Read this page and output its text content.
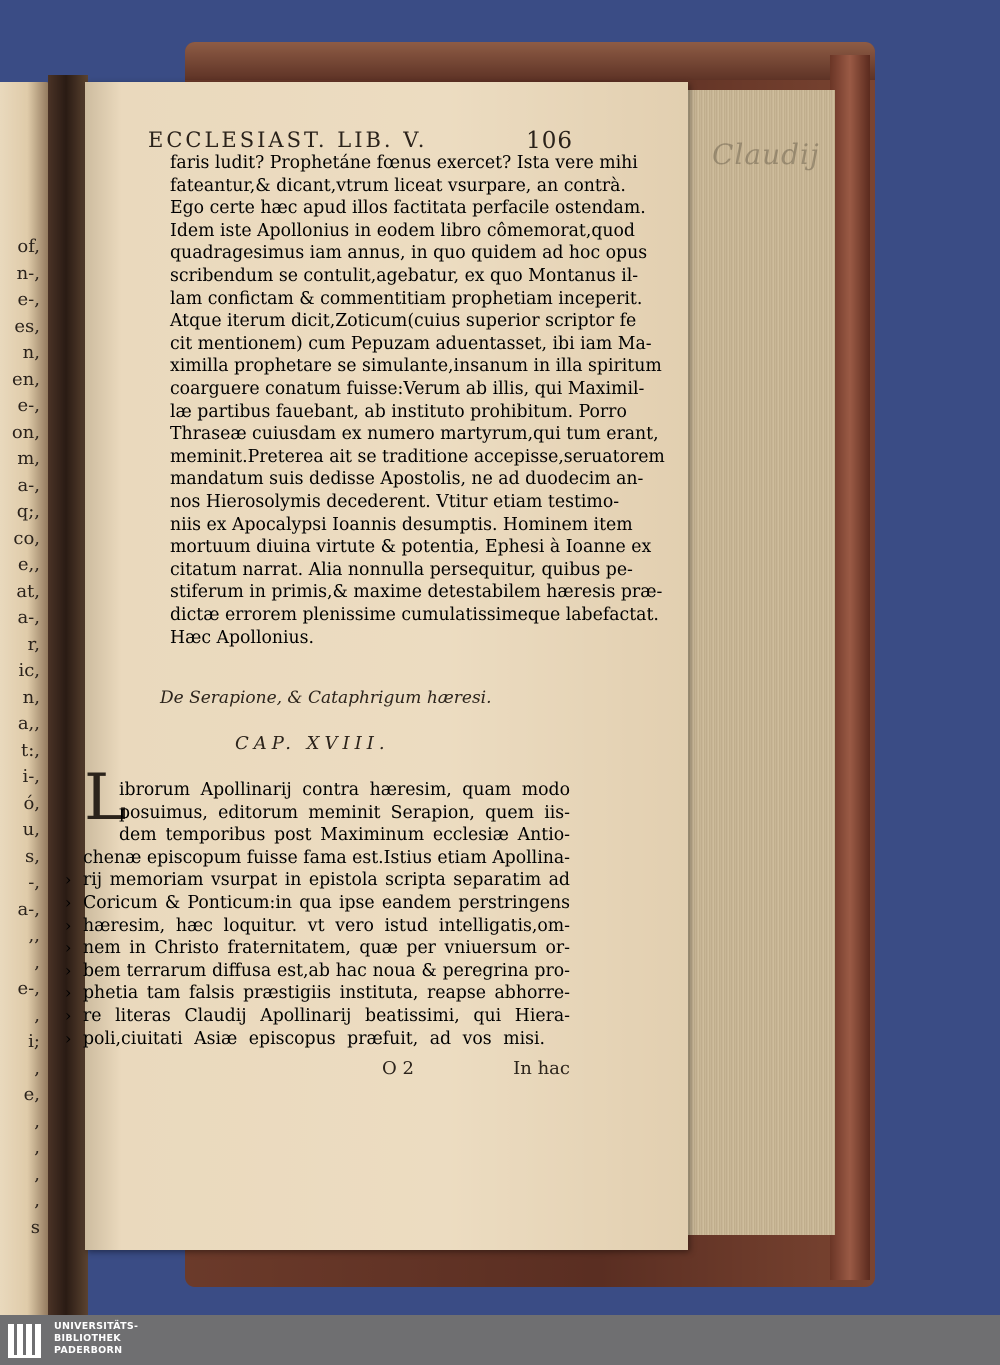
Claudij
of,
n-,
e-,
es,
n,
en,
e-,
on,
m,
a-,
q;,
co,
e,,
at,
a-,
r,
ic,
n,
a,,
t:,
i-,
ó,
u,
s,
-,
a-,
,,
,
e-,
,
i;
,
e,
,
,
,
,
s
ECCLESIAST. LIB. V.	106
faris ludit? Prophetáne fœnus exercet? Ista vere mihi
fateantur,& dicant,vtrum liceat vsurpare, an contrà.
Ego certe hæc apud illos factitata perfacile ostendam.
Idem iste Apollonius in eodem libro cômemorat,quod
quadragesimus iam annus, in quo quidem ad hoc opus
scribendum se contulit,agebatur, ex quo Montanus il-
lam confictam & commentitiam prophetiam inceperit.
Atque iterum dicit,Zoticum(cuius superior scriptor fe
cit mentionem) cum Pepuzam aduentasset, ibi iam Ma-
ximilla prophetare se simulante,insanum in illa spiritum
coarguere conatum fuisse:Verum ab illis, qui Maximil-
læ partibus fauebant, ab instituto prohibitum. Porro
Thraseæ cuiusdam ex numero martyrum,qui tum erant,
meminit.Preterea ait se traditione accepisse,seruatorem
mandatum suis dedisse Apostolis, ne ad duodecim an-
nos Hierosolymis decederent. Vtitur etiam testimo-
niis ex Apocalypsi Ioannis desumptis. Hominem item
mortuum diuina virtute & potentia, Ephesi à Ioanne ex
citatum narrat. Alia nonnulla persequitur, quibus pe-
stiferum in primis,& maxime detestabilem hæresis præ-
dictæ errorem plenissime cumulatissimeque labefactat.
Hæc Apollonius.
De Serapione, & Cataphrigum hæresi.
CAP. XVIII.
L
ibrorum Apollinarij contra hæresim, quam modo
posuimus, editorum meminit Serapion, quem iis-
dem temporibus post Maximinum ecclesiæ Antio-
chenæ episcopum fuisse fama est.Istius etiam Apollina-
› rij memoriam vsurpat in epistola scripta separatim ad
› Coricum & Ponticum:in qua ipse eandem perstringens
› hæresim, hæc loquitur. vt vero istud intelligatis,om-
› nem in Christo fraternitatem, quæ per vniuersum or-
› bem terrarum diffusa est,ab hac noua & peregrina pro-
› phetia tam falsis præstigiis instituta, reapse abhorre-
› re literas Claudij Apollinarij beatissimi, qui Hiera-
› poli,ciuitati Asiæ episcopus præfuit, ad vos misi.
O 2	In hac
UNIVERSITÄTS-
BIBLIOTHEK
PADERBORN
